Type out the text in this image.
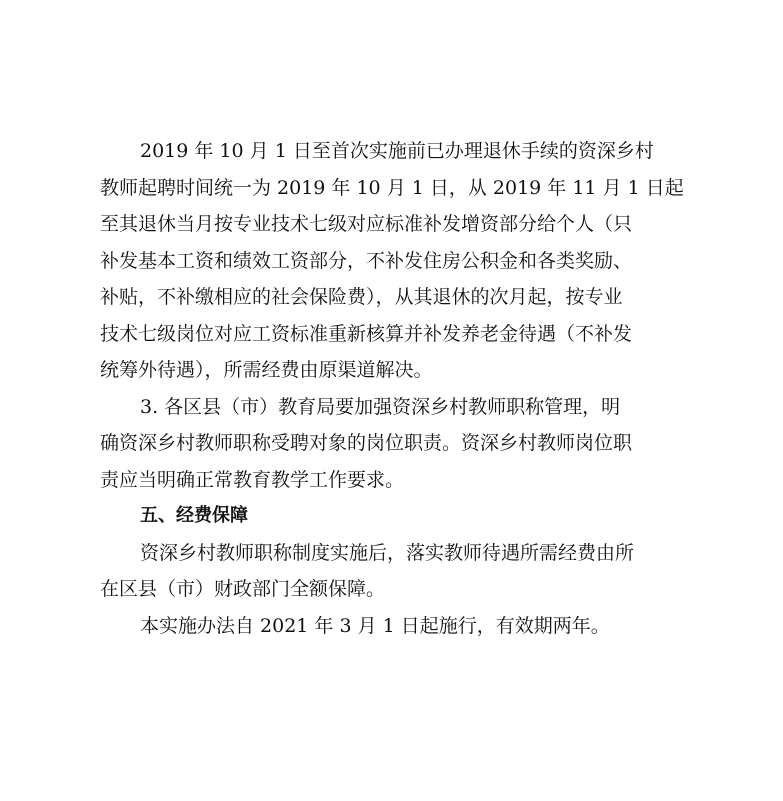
2019 年 10 月 1 日至首次实施前已办理退休手续的资深乡村
教师起聘时间统一为 2019 年 10 月 1 日，从 2019 年 11 月 1 日起
至其退休当月按专业技术七级对应标准补发增资部分给个人（只
补发基本工资和绩效工资部分，不补发住房公积金和各类奖励、
补贴，不补缴相应的社会保险费），从其退休的次月起，按专业
技术七级岗位对应工资标准重新核算并补发养老金待遇（不补发
统筹外待遇），所需经费由原渠道解决。
3. 各区县（市）教育局要加强资深乡村教师职称管理，明
确资深乡村教师职称受聘对象的岗位职责。资深乡村教师岗位职
责应当明确正常教育教学工作要求。
五、经费保障
资深乡村教师职称制度实施后，落实教师待遇所需经费由所
在区县（市）财政部门全额保障。
本实施办法自 2021 年 3 月 1 日起施行，有效期两年。
